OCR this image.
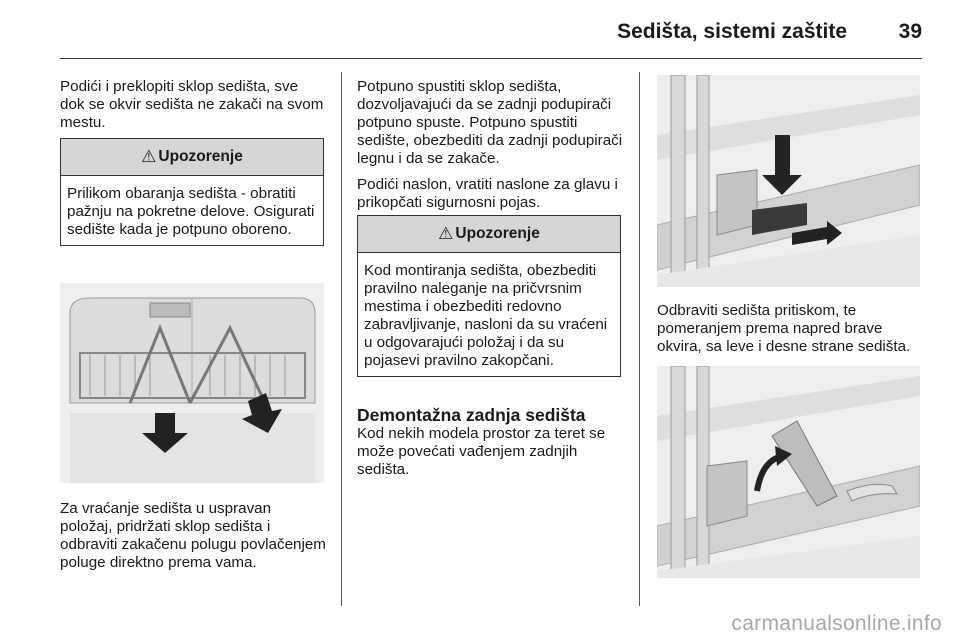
Sedišta, sistemi zaštite 39

Podići i preklopiti sklop sedišta, sve dok se okvir sedišta ne zakači na svom mestu.

⚠ Upozorenje
Prilikom obaranja sedišta - obratiti pažnju na pokretne delove. Osigurati sedište kada je potpuno oboreno.

Za vraćanje sedišta u uspravan položaj, pridržati sklop sedišta i odbraviti zakačenu polugu povlačenjem poluge direktno prema vama.

Potpuno spustiti sklop sedišta, dozvoljavajući da se zadnji podupirači potpuno spuste. Potpuno spustiti sedište, obezbediti da zadnji podupirači legnu i da se zakače.

Podići naslon, vratiti naslone za glavu i prikopčati sigurnosni pojas.

⚠ Upozorenje
Kod montiranja sedišta, obezbediti pravilno naleganje na pričvrsnim mestima i obezbediti redovno zabravljivanje, nasloni da su vraćeni u odgovarajući položaj i da su pojasevi pravilno zakopčani.
Demontažna zadnja sedišta

Kod nekih modela prostor za teret se može povećati vađenjem zadnjih sedišta.

Odbraviti sedišta pritiskom, te pomeranjem prema napred brave okvira, sa leve i desne strane sedišta.

carmanualsonline.info
